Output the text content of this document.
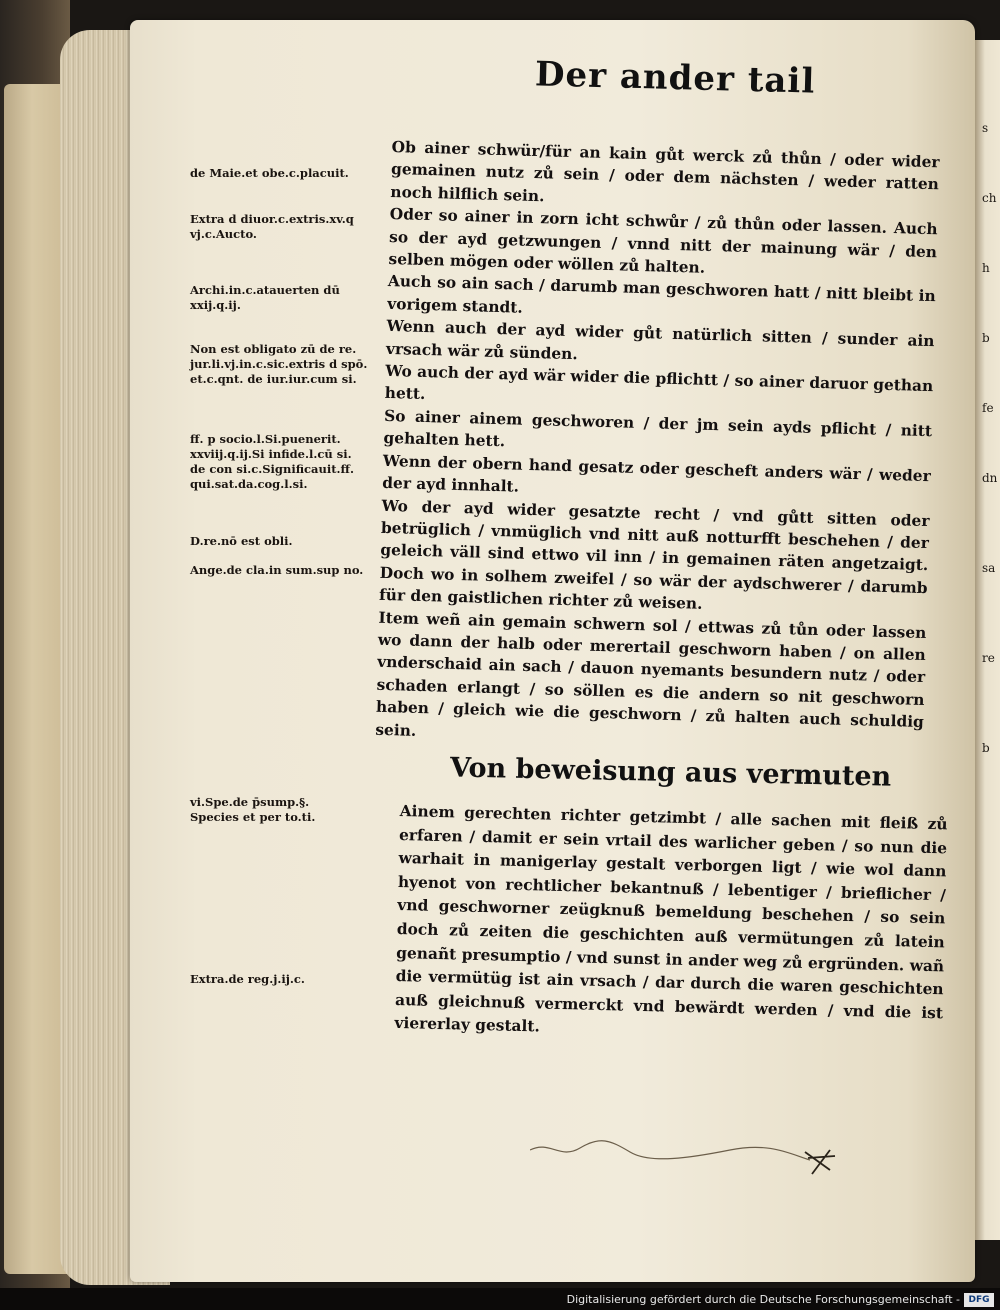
s
ch
h
b
fe
dn
sa
re
b
Der ander tail
de Maie.et obe.c.placuit.
Extra d diuor.c.extris.xv.q
vj.c.Aucto.
Archi.in.c.atauerten dū
xxij.q.ij.
Non est obligato zū de re.
jur.li.vj.in.c.sic.extris d spō.
et.c.qnt. de iur.iur.cum si.
ff. p socio.l.Si.puenerit.
xxviij.q.ij.Si infide.l.cū si.
de con si.c.Significauit.ff.
qui.sat.da.cog.l.si.
D.re.nō est obli.
Ange.de cla.in sum.sup no.
vi.Spe.de p̄sump.§.
Species et per to.ti.
Extra.de reg.j.ij.c.

Ob ainer schwür/für an kain gůt werck zů thůn / oder wider gemainen nutz zů sein / oder dem nächsten / weder ratten noch hilflich sein.

Oder so ainer in zorn icht schwůr / zů thůn oder lassen. Auch so der ayd getzwungen / vnnd nitt der mainung wär / den selben mögen oder wöllen zů halten.

Auch so ain sach / darumb man geschworen hatt / nitt bleibt in vorigem standt.

Wenn auch der ayd wider gůt natürlich sitten / sunder ain vrsach wär zů sünden.

Wo auch der ayd wär wider die pflichtt / so ainer daruor gethan hett.

So ainer ainem geschworen / der jm sein ayds pflicht / nitt gehalten hett.

Wenn der obern hand gesatz oder gescheft anders wär / weder der ayd innhalt.

Wo der ayd wider gesatzte recht / vnd gůtt sitten oder betrüglich / vnmüglich vnd nitt auß notturfft beschehen / der geleich väll sind ettwo vil inn / in gemainen räten angetzaigt. Doch wo in solhem zweifel / so wär der aydschwerer / darumb für den gaistlichen richter zů weisen.

Item weñ ain gemain schwern sol / ettwas zů tůn oder lassen wo dann der halb oder merertail geschworn haben / on allen vnderschaid ain sach / dauon nyemants besundern nutz / oder schaden erlangt / so söllen es die andern so nit geschworn haben / gleich wie die geschworn / zů halten auch schuldig sein.

Von beweisung aus vermuten

Ainem gerechten richter getzimbt / alle sachen mit fleiß zů erfaren / damit er sein vrtail des warlicher geben / so nun die warhait in manigerlay gestalt verborgen ligt / wie wol dann hyenot von rechtlicher bekantnuß / lebentiger / brieflicher / vnd geschworner zeügknuß bemeldung beschehen / so sein doch zů zeiten die geschichten auß vermütungen zů latein genañt presumptio / vnd sunst in ander weg zů ergründen. wañ die vermütüg ist ain vrsach / dar durch die waren geschichten auß gleichnuß vermerckt vnd bewärdt werden / vnd die ist viererlay gestalt.

Digitalisierung gefördert durch die Deutsche Forschungsgemeinschaft - DFG
